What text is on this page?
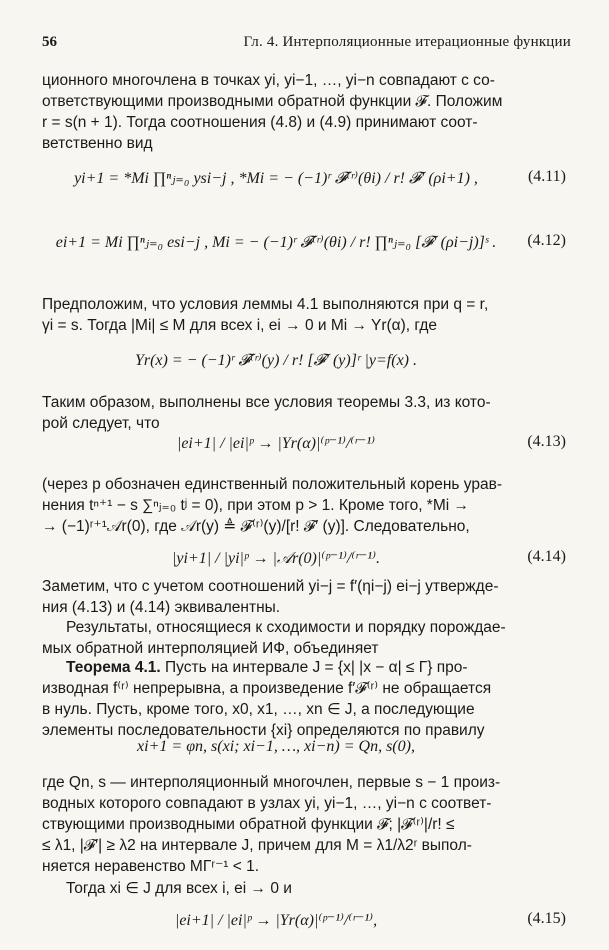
56	Гл. 4. Интерполяционные итерационные функции
ционного многочлена в точках yi, yi−1, …, yi−n совпадают с со-
ответствующими производными обратной функции 𝓕. Положим
r = s(n + 1). Тогда соотношения (4.8) и (4.9) принимают соот-
ветственно вид
yi+1 = *Mi ∏ⁿⱼ₌₀ ysi−j , *Mi = − (−1)ʳ 𝓕⁽ʳ⁾(θi) / r! 𝓕′ (ρi+1) ,	(4.11)
ei+1 = Mi ∏ⁿⱼ₌₀ esi−j , Mi = − (−1)ʳ 𝓕⁽ʳ⁾(θi) / r! ∏ⁿⱼ₌₀ [𝓕′ (ρi−j)]ˢ .	(4.12)
Предположим, что условия леммы 4.1 выполняются при q = r,
γi = s. Тогда |Mi| ≤ M для всех i, ei → 0 и Mi → Yr(α), где
Yr(x) = − (−1)ʳ 𝓕⁽ʳ⁾(y) / r! [𝓕′ (y)]ʳ |y=f(x) .
Таким образом, выполнены все условия теоремы 3.3, из кото-
рой следует, что
|ei+1| / |ei|ᵖ → |Yr(α)|⁽ᵖ⁻¹⁾/⁽ʳ⁻¹⁾	(4.13)
(через p обозначен единственный положительный корень урав-
нения tⁿ⁺¹ − s ∑ⁿⱼ₌₀ tʲ = 0), при этом p > 1. Кроме того, *Mi →
→ (−1)ʳ⁺¹𝒜r(0), где 𝒜r(y) ≜ 𝓕⁽ʳ⁾(y)/[r! 𝓕′ (y)]. Следовательно,
|yi+1| / |yi|ᵖ → |𝒜r(0)|⁽ᵖ⁻¹⁾/⁽ʳ⁻¹⁾.	(4.14)
Заметим, что с учетом соотношений yi−j = f′(ηi−j) ei−j утвержде-
ния (4.13) и (4.14) эквивалентны.
Результаты, относящиеся к сходимости и порядку порождае-
мых обратной интерполяцией ИФ, объединяет
Теорема 4.1. Пусть на интервале J = {x| |x − α| ≤ Γ} про-
изводная f⁽ʳ⁾ непрерывна, а произведение f′𝓕⁽ʳ⁾ не обращается
в нуль. Пусть, кроме того, x0, x1, …, xn ∈ J, а последующие
элементы последовательности {xi} определяются по правилу
xi+1 = φn, s(xi; xi−1, …, xi−n) = Qn, s(0),
где Qn, s — интерполяционный многочлен, первые s − 1 произ-
водных которого совпадают в узлах yi, yi−1, …, yi−n с соответ-
ствующими производными обратной функции 𝓕; |𝓕⁽ʳ⁾|/r! ≤
≤ λ1, |𝓕′| ≥ λ2 на интервале J, причем для M = λ1/λ2ʳ выпол-
няется неравенство MΓʳ⁻¹ < 1.
Тогда xi ∈ J для всех i, ei → 0 и
|ei+1| / |ei|ᵖ → |Yr(α)|⁽ᵖ⁻¹⁾/⁽ʳ⁻¹⁾,	(4.15)
